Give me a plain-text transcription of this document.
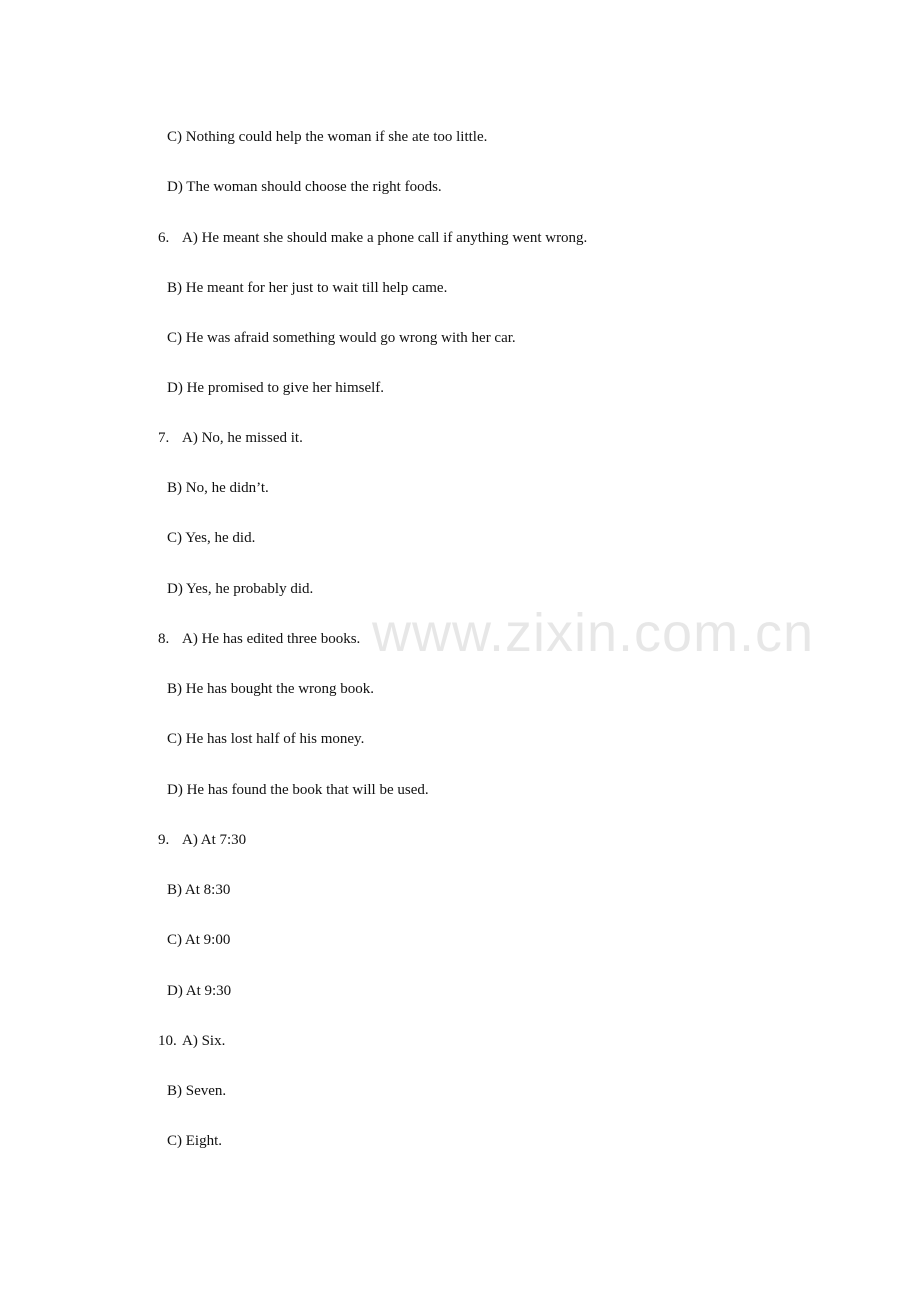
www.zixin.com.cn
C) Nothing could help the woman if she ate too little.
D) The woman should choose the right foods.
6. A) He meant she should make a phone call if anything went wrong.
B) He meant for her just to wait till help came.
C) He was afraid something would go wrong with her car.
D) He promised to give her himself.
7. A) No, he missed it.
B) No, he didn’t.
C) Yes, he did.
D) Yes, he probably did.
8. A) He has edited three books.
B) He has bought the wrong book.
C) He has lost half of his money.
D) He has found the book that will be used.
9. A) At 7:30
B) At 8:30
C) At 9:00
D) At 9:30
10. A) Six.
B) Seven.
C) Eight.
